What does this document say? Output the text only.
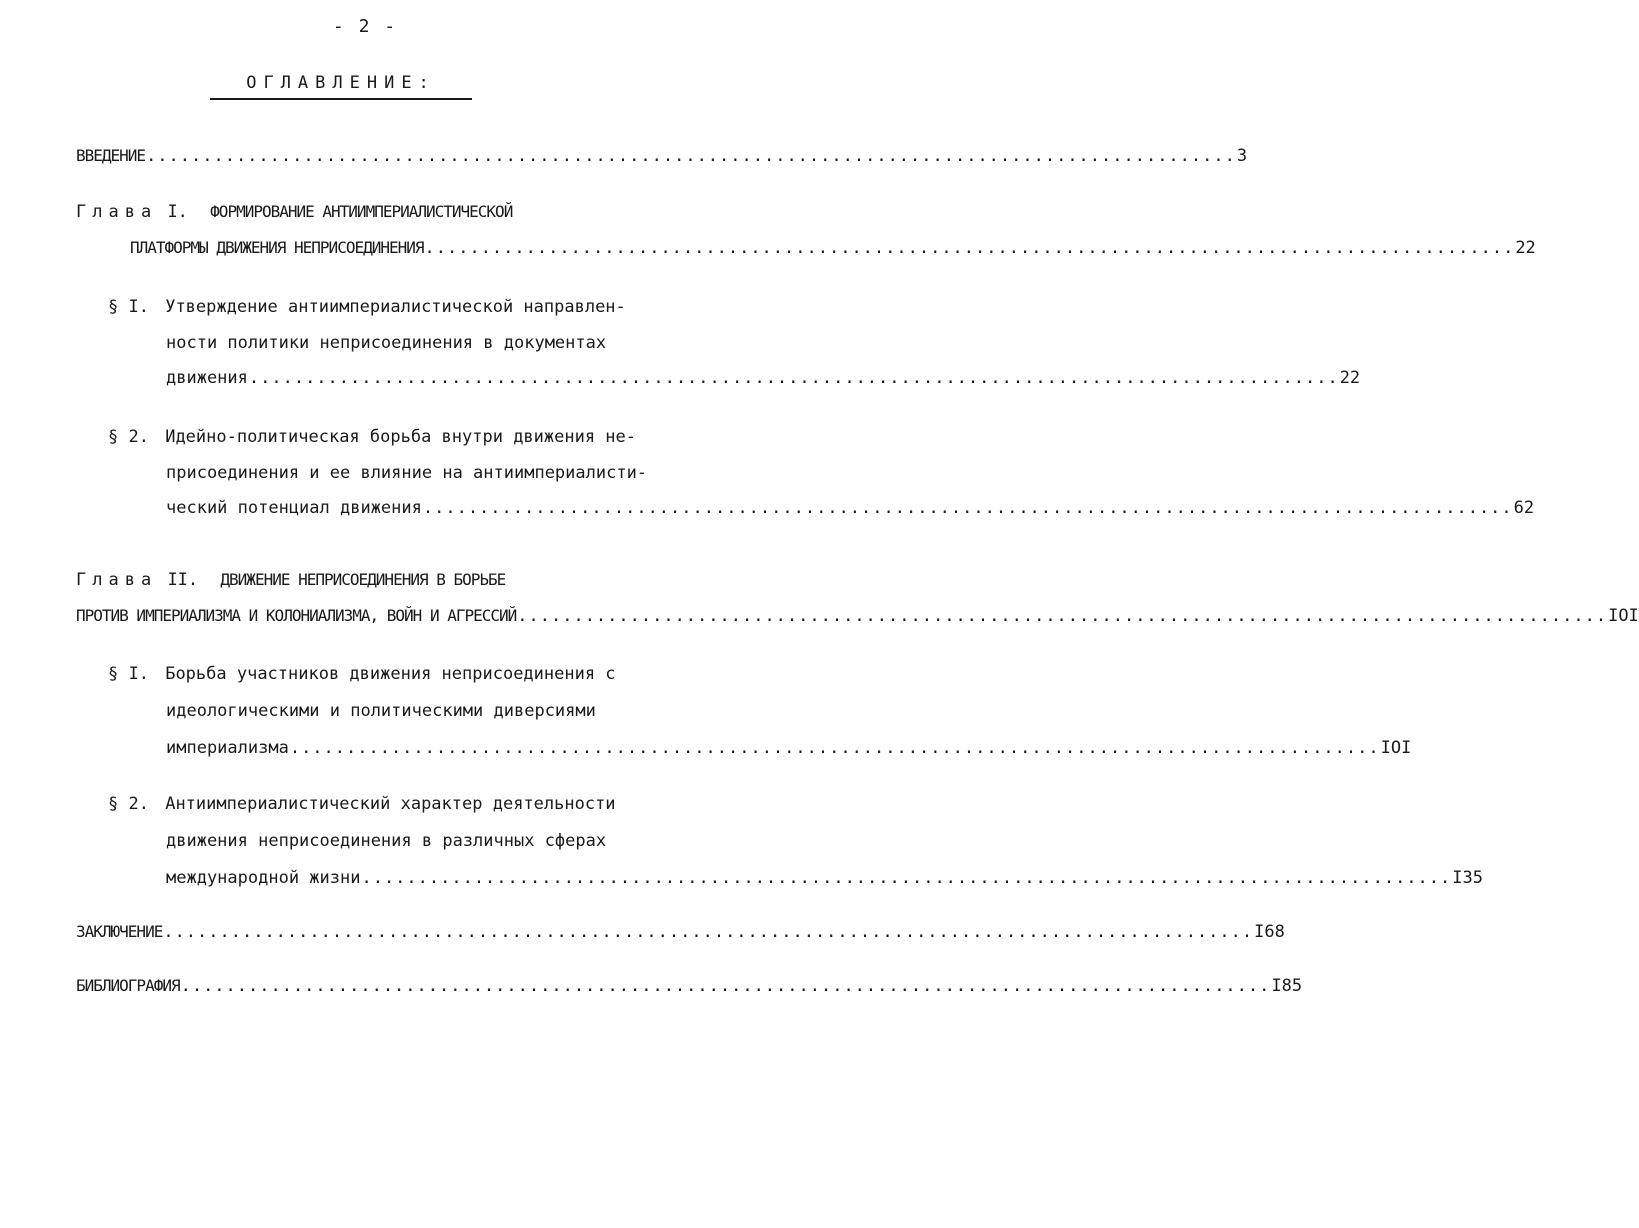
- 2 -
ОГЛАВЛЕНИЕ:
ВВЕДЕНИЕ ................................................................................................. 3
Глава I. ФОРМИРОВАНИЕ АНТИИМПЕРИАЛИСТИЧЕСКОЙ
ПЛАТФОРМЫ ДВИЖЕНИЯ НЕПРИСОЕДИНЕНИЯ ................................................................................................. 22
§ I. Утверждение антиимпериалистической направлен-
ности политики неприсоединения в документах
движения ................................................................................................. 22
§ 2. Идейно-политическая борьба внутри движения не-
присоединения и ее влияние на антиимпериалисти-
ческий потенциал движения ................................................................................................. 62
Глава II. ДВИЖЕНИЕ НЕПРИСОЕДИНЕНИЯ В БОРЬБЕ
ПРОТИВ ИМПЕРИАЛИЗМА И КОЛОНИАЛИЗМА, ВОЙН И АГРЕССИЙ ................................................................................................. IOI
§ I. Борьба участников движения неприсоединения с
идеологическими и политическими диверсиями
империализма ................................................................................................. IOI
§ 2. Антиимпериалистический характер деятельности
движения неприсоединения в различных сферах
международной жизни ................................................................................................. I35
ЗАКЛЮЧЕНИЕ ................................................................................................. I68
БИБЛИОГРАФИЯ ................................................................................................. I85
